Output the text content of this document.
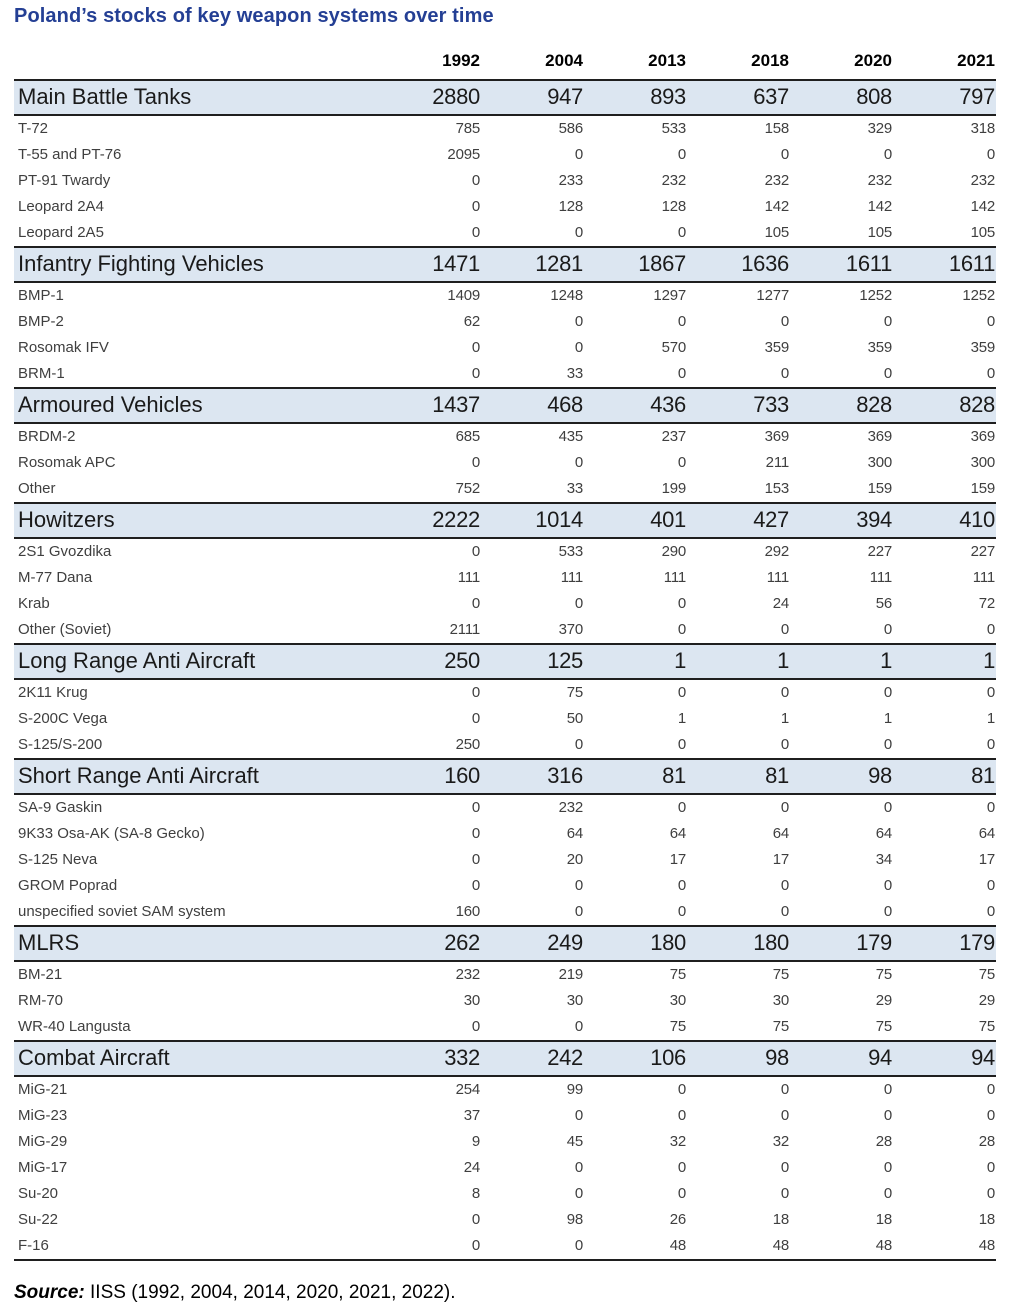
Poland’s stocks of key weapon systems over time
	1992	2004	2013	2018	2020	2021
Main Battle Tanks	2880	947	893	637	808	797
T-72	785	586	533	158	329	318
T-55 and PT-76	2095	0	0	0	0	0
PT-91 Twardy	0	233	232	232	232	232
Leopard 2A4	0	128	128	142	142	142
Leopard 2A5	0	0	0	105	105	105
Infantry Fighting Vehicles	1471	1281	1867	1636	1611	1611
BMP-1	1409	1248	1297	1277	1252	1252
BMP-2	62	0	0	0	0	0
Rosomak IFV	0	0	570	359	359	359
BRM-1	0	33	0	0	0	0
Armoured Vehicles	1437	468	436	733	828	828
BRDM-2	685	435	237	369	369	369
Rosomak APC	0	0	0	211	300	300
Other	752	33	199	153	159	159
Howitzers	2222	1014	401	427	394	410
2S1 Gvozdika	0	533	290	292	227	227
M-77 Dana	111	111	111	111	111	111
Krab	0	0	0	24	56	72
Other (Soviet)	2111	370	0	0	0	0
Long Range Anti Aircraft	250	125	1	1	1	1
2K11 Krug	0	75	0	0	0	0
S-200C Vega	0	50	1	1	1	1
S-125/S-200	250	0	0	0	0	0
Short Range Anti Aircraft	160	316	81	81	98	81
SA-9 Gaskin	0	232	0	0	0	0
9K33 Osa-AK (SA-8 Gecko)	0	64	64	64	64	64
S-125 Neva	0	20	17	17	34	17
GROM Poprad	0	0	0	0	0	0
unspecified soviet SAM system	160	0	0	0	0	0
MLRS	262	249	180	180	179	179
BM-21	232	219	75	75	75	75
RM-70	30	30	30	30	29	29
WR-40 Langusta	0	0	75	75	75	75
Combat Aircraft	332	242	106	98	94	94
MiG-21	254	99	0	0	0	0
MiG-23	37	0	0	0	0	0
MiG-29	9	45	32	32	28	28
MiG-17	24	0	0	0	0	0
Su-20	8	0	0	0	0	0
Su-22	0	98	26	18	18	18
F-16	0	0	48	48	48	48

Source: IISS (1992, 2004, 2014, 2020, 2021, 2022).
